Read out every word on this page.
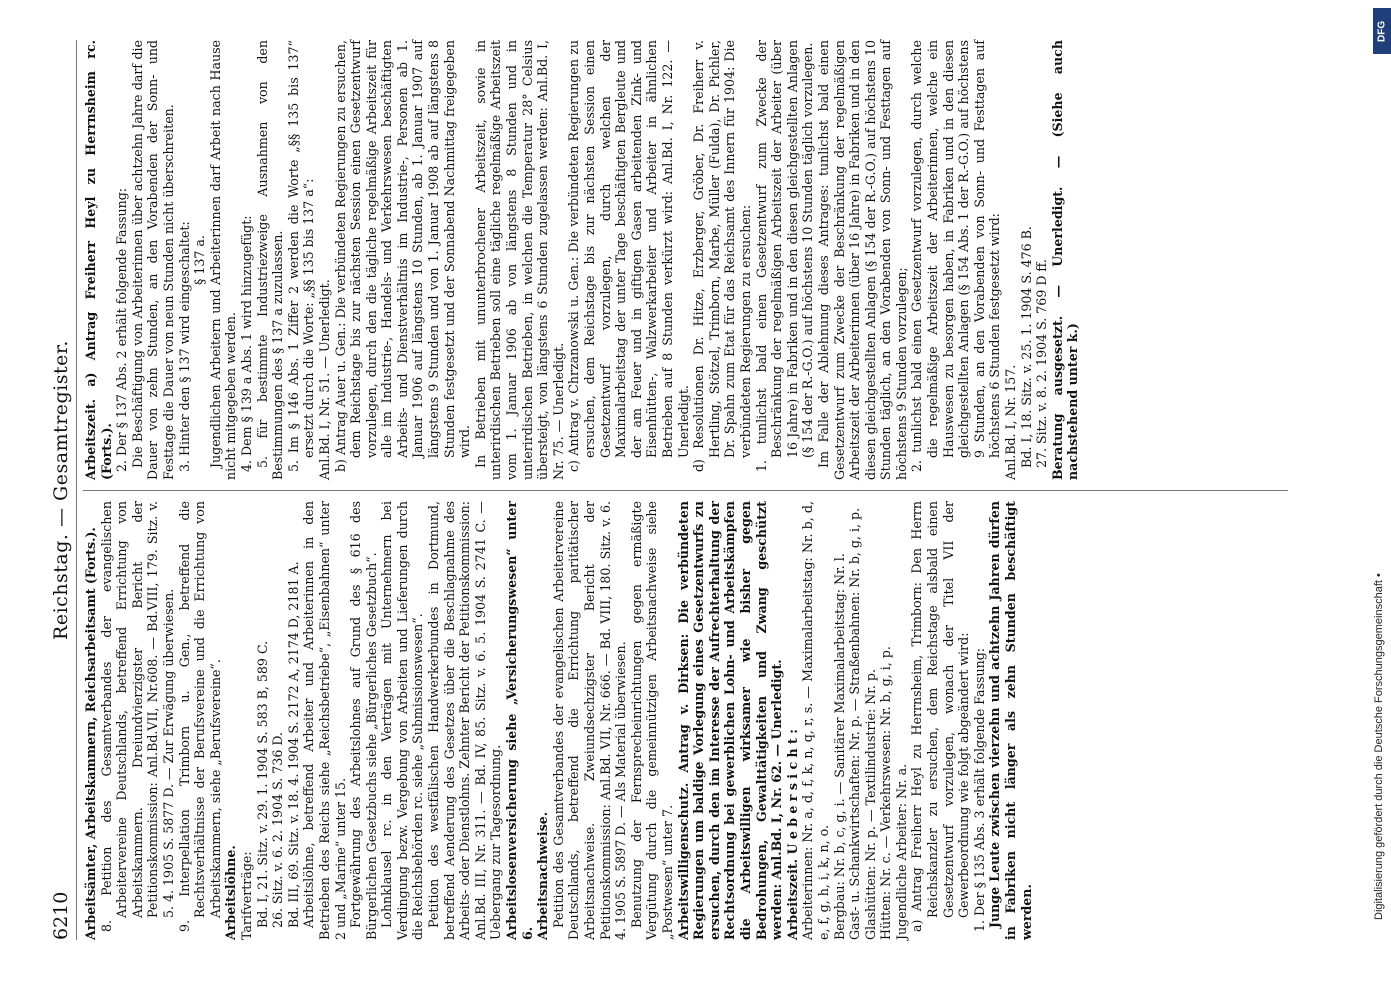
6210
Reichstag. — Gesamtregister.

Arbeitsämter, Arbeitskammern, Reichsarbeitsamt (Forts.). 8. Petition des Gesamtverbandes der evangelischen Arbeitervereine Deutschlands, betreffend Errichtung von Arbeitskammern. Dreiundvierzigster Bericht der Petitionskommission: Anl.Bd.VII, Nr.608. — Bd.VIII, 179. Sitz. v. 5. 4. 1905 S. 5877 D. — Zur Erwägung überwiesen. 9. Interpellation Trimborn u. Gen., betreffend die Rechtsverhältnisse der Berufsvereine und die Errichtung von Arbeitskammern, siehe „Berufsvereine“. Arbeitslöhne. Tarifverträge: Bd. I, 21. Sitz. v. 29. 1. 1904 S. 583 B, 589 C. 26. Sitz. v. 6. 2. 1904 S. 736 D. Bd. III, 69. Sitz. v. 18. 4. 1904 S. 2172 A, 2174 D, 2181 A. Arbeitslöhne, betreffend Arbeiter und Arbeiterinnen in den Betrieben des Reichs siehe „Reichsbetriebe“, „Eisenbahnen“ unter 2 und „Marine“ unter 15. Fortgewährung des Arbeitslohnes auf Grund des § 616 des Bürgerlichen Gesetzbuchs siehe „Bürgerliches Gesetzbuch“. Lohnklausel rc. in den Verträgen mit Unternehmern bei Verdingung bezw. Vergebung von Arbeiten und Lieferungen durch die Reichsbehörden rc. siehe „Submissionswesen“. Petition des westfälischen Handwerkerbundes in Dortmund, betreffend Aenderung des Gesetzes über die Beschlagnahme des Arbeits- oder Dienstlohns. Zehnter Bericht der Petitionskommission: Anl.Bd. III, Nr. 311. — Bd. IV, 85. Sitz. v. 6. 5. 1904 S. 2741 C. — Uebergang zur Tagesordnung. Arbeitslosenversicherung siehe „Versicherungswesen“ unter 6. Arbeitsnachweise. Petition des Gesamtverbandes der evangelischen Arbeitervereine Deutschlands, betreffend die Errichtung paritätischer Arbeitsnachweise. Zweiundsechzigster Bericht der Petitionskommission: Anl.Bd. VII, Nr. 666. — Bd. VIII, 180. Sitz. v. 6. 4. 1905 S. 5897 D. — Als Material überwiesen. Benutzung der Fernsprecheinrichtungen gegen ermäßigte Vergütung durch die gemeinnützigen Arbeitsnachweise siehe „Postwesen“ unter 7. Arbeitswilligenschutz. Antrag v. Dirksen: Die verbündeten Regierungen um baldige Vorlegung eines Gesetzentwurfs zu ersuchen, durch den im Interesse der Aufrechterhaltung der Rechtsordnung bei gewerblichen Lohn- und Arbeitskämpfen die Arbeitswilligen wirksamer wie bisher gegen Bedrohungen, Gewalttätigkeiten und Zwang geschützt werden: Anl.Bd. I, Nr. 62. — Unerledigt. Arbeitszeit. U e b e r s i c h t : Arbeiterinnen: Nr. a, d, f, k, n, q, r, s. — Maximalarbeitstag: Nr. b, d, e, f, g, h, i, k, n, o. Bergbau: Nr. b, c, g, i. — Sanitärer Maximalarbeitstag: Nr. l. Gast- u. Schankwirtschaften: Nr. p. — Straßenbahnen: Nr. b, g, i, p. Glashütten: Nr. p. — Textilindustrie: Nr. p. Hütten: Nr. c. — Verkehrswesen: Nr. b, g, i, p. Jugendliche Arbeiter: Nr. a. a) Antrag Freiherr Heyl zu Herrnsheim, Trimborn: Den Herrn Reichskanzler zu ersuchen, dem Reichstage alsbald einen Gesetzentwurf vorzulegen, wonach der Titel VII der Gewerbeordnung wie folgt abgeändert wird: 1. Der § 135 Abs. 3 erhält folgende Fassung: Junge Leute zwischen vierzehn und achtzehn Jahren dürfen in Fabriken nicht länger als zehn Stunden beschäftigt werden.

Arbeitszeit. a) Antrag Freiherr Heyl zu Herrnsheim rc. (Forts.). 2. Der § 137 Abs. 2 erhält folgende Fassung: Die Beschäftigung von Arbeiterinnen über achtzehn Jahre darf die Dauer von zehn Stunden, an den Vorabenden der Sonn- und Festtage die Dauer von neun Stunden nicht überschreiten. 3. Hinter den § 137 wird eingeschaltet: § 137 a. Jugendlichen Arbeitern und Arbeiterinnen darf Arbeit nach Hause nicht mitgegeben werden. 4. Dem § 139 a Abs. 1 wird hinzugefügt: 5. für bestimmte Industriezweige Ausnahmen von den Bestimmungen des § 137 a zuzulassen. 5. Im § 146 Abs. 1 Ziffer 2 werden die Worte „§§ 135 bis 137“ ersetzt durch die Worte: „§§ 135 bis 137 a“: Anl.Bd. I, Nr. 51. — Unerledigt. b) Antrag Auer u. Gen.: Die verbündeten Regierungen zu ersuchen, dem Reichstage bis zur nächsten Session einen Gesetzentwurf vorzulegen, durch den die tägliche regelmäßige Arbeitszeit für alle im Industrie-, Handels- und Verkehrswesen beschäftigten Arbeits- und Dienstverhältnis im Industrie-, Personen ab 1. Januar 1906 auf längstens 10 Stunden, ab 1. Januar 1907 auf längstens 9 Stunden und von 1. Januar 1908 ab auf längstens 8 Stunden festgesetzt und der Sonnabend Nachmittag freigegeben wird. In Betrieben mit ununterbrochener Arbeitszeit, sowie in unterirdischen Betrieben soll eine tägliche regelmäßige Arbeitszeit vom 1. Januar 1906 ab von längstens 8 Stunden und in unterirdischen Betrieben, in welchen die Temperatur 28° Celsius übersteigt, von längstens 6 Stunden zugelassen werden: Anl.Bd. I, Nr. 75. — Unerledigt. c) Antrag v. Chrzanowski u. Gen.: Die verbündeten Regierungen zu ersuchen, dem Reichstage bis zur nächsten Session einen Gesetzentwurf vorzulegen, durch welchen der Maximalarbeitstag der unter Tage beschäftigten Bergleute und der am Feuer und in giftigen Gasen arbeitenden Zink- und Eisenhütten-, Walzwerkarbeiter und Arbeiter in ähnlichen Betrieben auf 8 Stunden verkürzt wird: Anl.Bd. I, Nr. 122. — Unerledigt. d) Resolutionen Dr. Hitze, Erzberger, Gröber, Dr. Freiherr v. Hertling, Stötzel, Trimborn, Marbe, Müller (Fulda), Dr. Pichler, Dr. Spahn zum Etat für das Reichsamt des Innern für 1904: Die verbündeten Regierungen zu ersuchen: 1. tunlichst bald einen Gesetzentwurf zum Zwecke der Beschränkung der regelmäßigen Arbeitszeit der Arbeiter (über 16 Jahre) in Fabriken und in den diesen gleichgestellten Anlagen (§ 154 der R.-G.O.) auf höchstens 10 Stunden täglich vorzulegen. Im Falle der Ablehnung dieses Antrages: tunlichst bald einen Gesetzentwurf zum Zwecke der Beschränkung der regelmäßigen Arbeitszeit der Arbeiterinnen (über 16 Jahre) in Fabriken und in den diesen gleichgestellten Anlagen (§ 154 der R.-G.O.) auf höchstens 10 Stunden täglich, an den Vorabenden von Sonn- und Festtagen auf höchstens 9 Stunden vorzulegen; 2. tunlichst bald einen Gesetzentwurf vorzulegen, durch welche die regelmäßige Arbeitszeit der Arbeiterinnen, welche ein Hauswesen zu besorgen haben, in Fabriken und in den diesen gleichgestellten Anlagen (§ 154 Abs. 1 der R.-G.O.) auf höchstens 9 Stunden, an den Vorabenden von Sonn- und Festtagen auf höchstens 6 Stunden festgesetzt wird: Anl.Bd. I, Nr. 157. Bd. I, 18. Sitz. v. 25. 1. 1904 S. 476 B. 27. Sitz. v. 8. 2. 1904 S. 769 D ff. Beratung ausgesetzt. — Unerledigt. — (Siehe auch nachstehend unter k.)

DFG
Digitalisierung gefördert durch die Deutsche Forschungsgemeinschaft •
